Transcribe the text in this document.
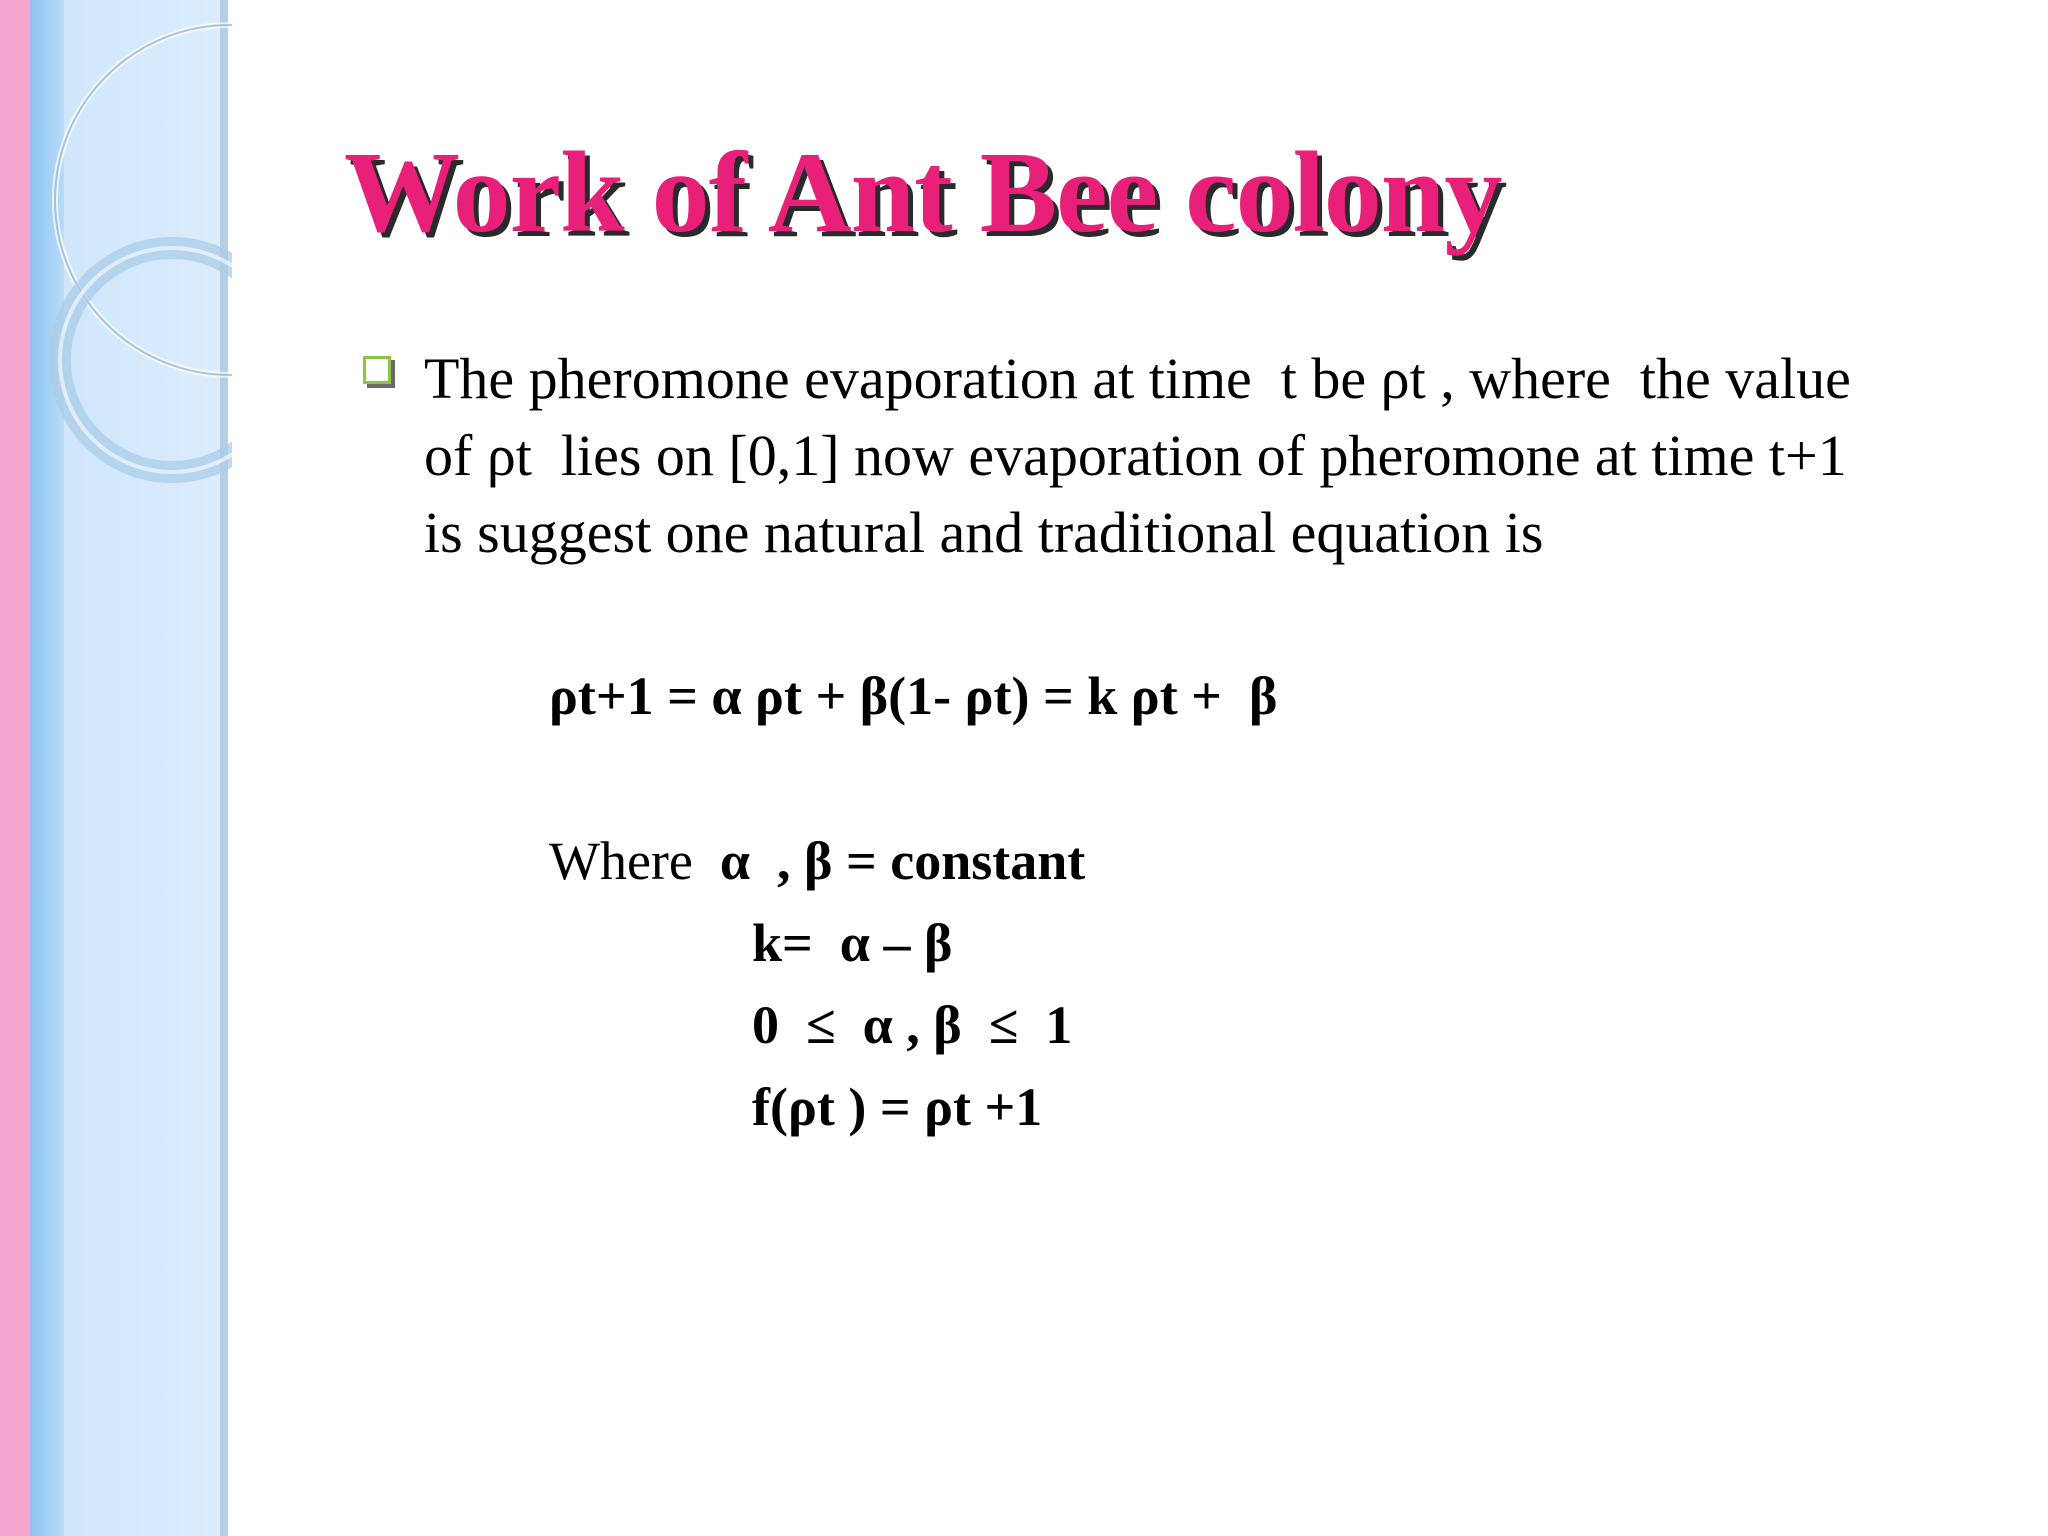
Work of Ant Bee colony

The pheromone evaporation at time  t be ρt , where  the value
of ρt  lies on [0,1] now evaporation of pheromone at time t+1
is suggest one natural and traditional equation is

ρt+1 = α ρt + β(1- ρt) = k ρt +  β

Where α  , β = constant

k=  α – β

0  ≤  α , β  ≤  1

f(ρt ) = ρt +1
